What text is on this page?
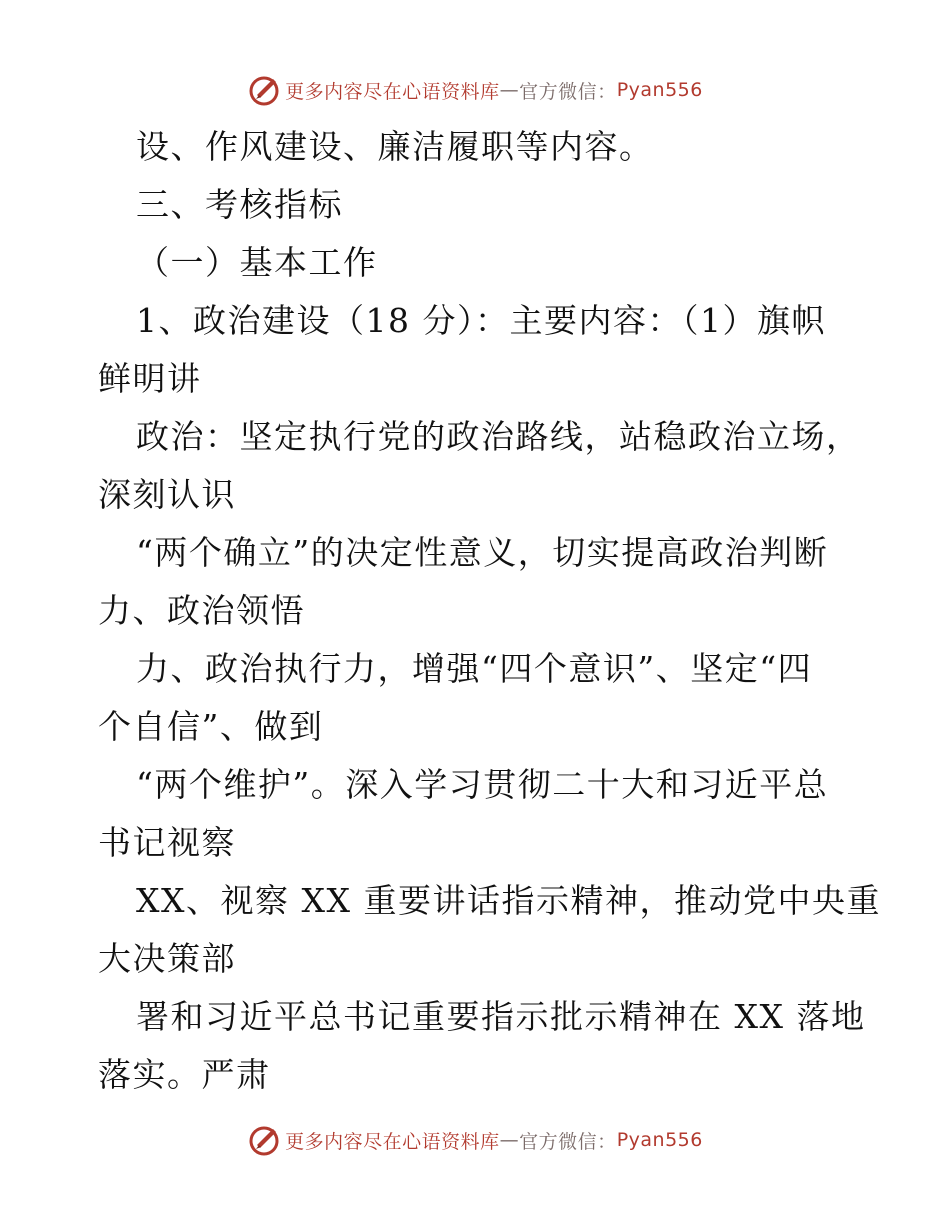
更多内容尽在心语资料库 — 官方微信： Pyan556
设、作风建设、廉洁履职等内容。
三、考核指标
（一）基本工作
1、政治建设（18 分）：主要内容：（1）旗帜
鲜明讲
政治：坚定执行党的政治路线，站稳政治立场，
深刻认识
“两个确立”的决定性意义，切实提高政治判断
力、政治领悟
力、政治执行力，增强“四个意识”、坚定“四
个自信”、做到
“两个维护”。深入学习贯彻二十大和习近平总
书记视察
XX、视察 XX 重要讲话指示精神，推动党中央重
大决策部
署和习近平总书记重要指示批示精神在 XX 落地
落实。严肃
更多内容尽在心语资料库 — 官方微信： Pyan556
